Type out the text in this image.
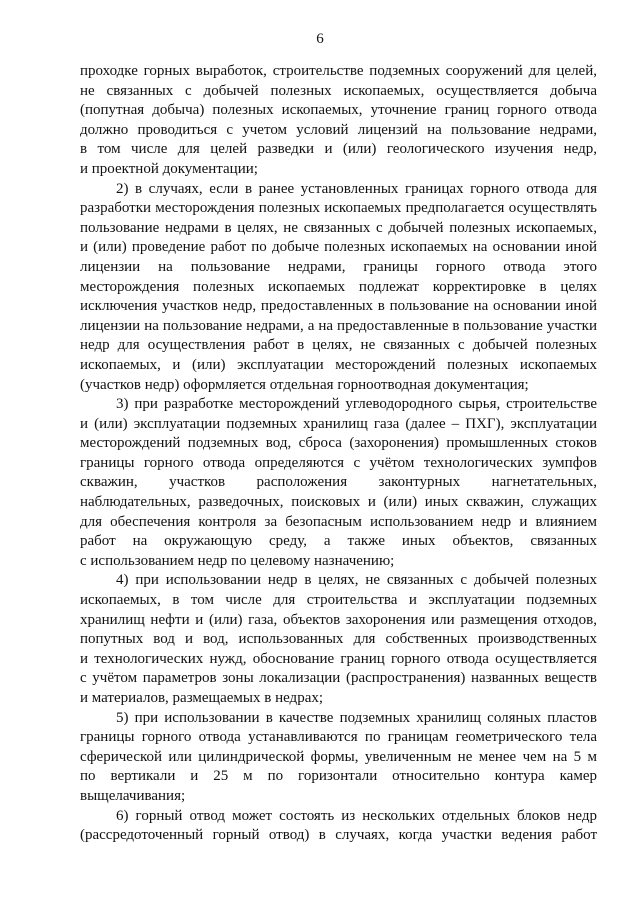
6
проходке горных выработок, строительстве подземных сооружений для целей,
не связанных с добычей полезных ископаемых, осуществляется добыча
(попутная добыча) полезных ископаемых, уточнение границ горного отвода
должно проводиться с учетом условий лицензий на пользование недрами,
в том числе для целей разведки и (или) геологического изучения недр,
и проектной документации;
2) в случаях, если в ранее установленных границах горного отвода для
разработки месторождения полезных ископаемых предполагается осуществлять
пользование недрами в целях, не связанных с добычей полезных ископаемых,
и (или) проведение работ по добыче полезных ископаемых на основании иной
лицензии на пользование недрами, границы горного отвода этого
месторождения полезных ископаемых подлежат корректировке в целях
исключения участков недр, предоставленных в пользование на основании иной
лицензии на пользование недрами, а на предоставленные в пользование участки
недр для осуществления работ в целях, не связанных с добычей полезных
ископаемых, и (или) эксплуатации месторождений полезных ископаемых
(участков недр) оформляется отдельная горноотводная документация;
3) при разработке месторождений углеводородного сырья, строительстве
и (или) эксплуатации подземных хранилищ газа (далее – ПХГ), эксплуатации
месторождений подземных вод, сброса (захоронения) промышленных стоков
границы горного отвода определяются с учётом технологических зумпфов
скважин, участков расположения законтурных нагнетательных,
наблюдательных, разведочных, поисковых и (или) иных скважин, служащих
для обеспечения контроля за безопасным использованием недр и влиянием
работ на окружающую среду, а также иных объектов, связанных
с использованием недр по целевому назначению;
4) при использовании недр в целях, не связанных с добычей полезных
ископаемых, в том числе для строительства и эксплуатации подземных
хранилищ нефти и (или) газа, объектов захоронения или размещения отходов,
попутных вод и вод, использованных для собственных производственных
и технологических нужд, обоснование границ горного отвода осуществляется
с учётом параметров зоны локализации (распространения) названных веществ
и материалов, размещаемых в недрах;
5) при использовании в качестве подземных хранилищ соляных пластов
границы горного отвода устанавливаются по границам геометрического тела
сферической или цилиндрической формы, увеличенным не менее чем на 5 м
по вертикали и 25 м по горизонтали относительно контура камер
выщелачивания;
6) горный отвод может состоять из нескольких отдельных блоков недр
(рассредоточенный горный отвод) в случаях, когда участки ведения работ
